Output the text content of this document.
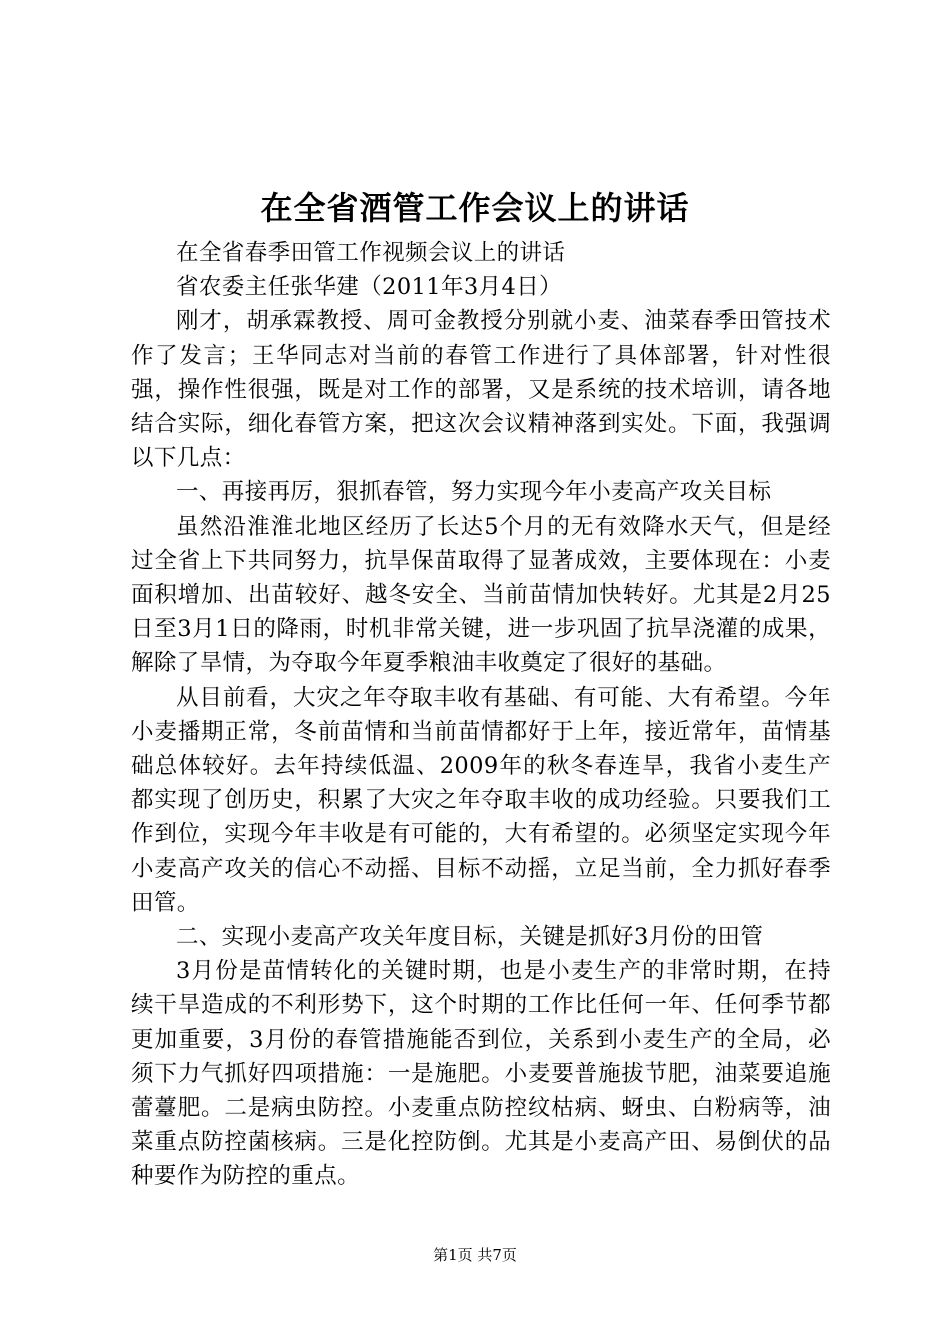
在全省酒管工作会议上的讲话

在全省春季田管工作视频会议上的讲话

省农委主任张华建（2011年3月4日）

刚才，胡承霖教授、周可金教授分别就小麦、油菜春季田管技术作了发言；王华同志对当前的春管工作进行了具体部署，针对性很强，操作性很强，既是对工作的部署，又是系统的技术培训，请各地结合实际，细化春管方案，把这次会议精神落到实处。下面，我强调以下几点：

一、再接再厉，狠抓春管，努力实现今年小麦高产攻关目标

虽然沿淮淮北地区经历了长达5个月的无有效降水天气，但是经过全省上下共同努力，抗旱保苗取得了显著成效，主要体现在：小麦面积增加、出苗较好、越冬安全、当前苗情加快转好。尤其是2月25日至3月1日的降雨，时机非常关键，进一步巩固了抗旱浇灌的成果，解除了旱情，为夺取今年夏季粮油丰收奠定了很好的基础。

从目前看，大灾之年夺取丰收有基础、有可能、大有希望。今年小麦播期正常，冬前苗情和当前苗情都好于上年，接近常年，苗情基础总体较好。去年持续低温、2009年的秋冬春连旱，我省小麦生产都实现了创历史，积累了大灾之年夺取丰收的成功经验。只要我们工作到位，实现今年丰收是有可能的，大有希望的。必须坚定实现今年小麦高产攻关的信心不动摇、目标不动摇，立足当前，全力抓好春季田管。

二、实现小麦高产攻关年度目标，关键是抓好3月份的田管

3月份是苗情转化的关键时期，也是小麦生产的非常时期，在持续干旱造成的不利形势下，这个时期的工作比任何一年、任何季节都更加重要，3月份的春管措施能否到位，关系到小麦生产的全局，必须下力气抓好四项措施：一是施肥。小麦要普施拔节肥，油菜要追施蕾薹肥。二是病虫防控。小麦重点防控纹枯病、蚜虫、白粉病等，油菜重点防控菌核病。三是化控防倒。尤其是小麦高产田、易倒伏的品种要作为防控的重点。

第1页 共7页
